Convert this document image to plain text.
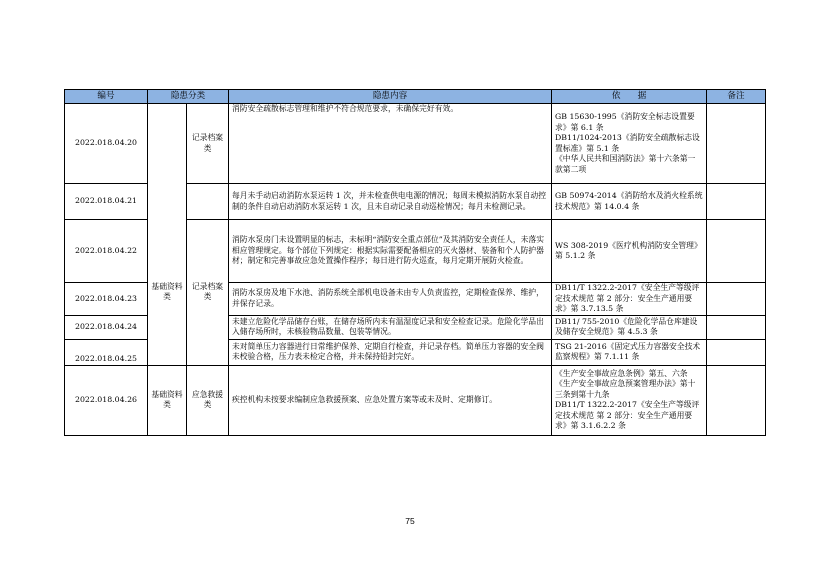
编号	隐患分类		隐患内容	依　　据	备注
2022.018.04.20		记录档案类	消防安全疏散标志管理和维护不符合规范要求，未确保完好有效。	GB 15630-1995《消防安全标志设置要求》第 6.1 条
DB11/1024-2013《消防安全疏散标志设置标准》第 5.1 条
《中华人民共和国消防法》第十六条第一款第二项	

2022.018.04.21			每月未手动启动消防水泵运转 1 次，并未检查供电电源的情况；每周未模拟消防水泵自动控制的条件自动启动消防水泵运转 1 次，且未自动记录自动巡检情况；每月未检测记录。	GB 50974-2014《消防给水及消火栓系统技术规范》第 14.0.4 条	
2022.018.04.22	基础资料类	记录档案类	消防水泵房门未设置明显的标志，未标明“消防安全重点部位”及其消防安全责任人，未落实相应管理规定。每个部位下列规定：根据实际需要配备相应的灭火器材、装备和个人防护器材；制定和完善事故应急处置操作程序；每日进行防火巡查，每月定期开展防火检查。	WS 308-2019《医疗机构消防安全管理》第 5.1.2 条	
2022.018.04.23			消防水泵房及地下水池、消防系统全部机电设备未由专人负责监控，定期检查保养、维护，并保存记录。	DB11/T 1322.2-2017《安全生产等级评定技术规范 第 2 部分：安全生产通用要求》第 3.7.13.5 条	
2022.018.04.24			未建立危险化学品储存台账，在储存场所内未有温湿度记录和安全检查记录。危险化学品出入储存场所时，未核验物品数量、包装等情况。	DB11/ 755-2010《危险化学品仓库建设及储存安全规范》第 4.5.3 条	
2022.018.04.25			未对简单压力容器进行日常维护保养、定期自行检查，并记录存档。简单压力容器的安全阀未校验合格，压力表未检定合格，并未保持铅封完好。	TSG 21-2016《固定式压力容器安全技术监察规程》第 7.1.11 条	
2022.018.04.26	基础资料类	应急救援类	疾控机构未按要求编制应急救援预案、应急处置方案等或未及时、定期修订。	《生产安全事故应急条例》第五、六条
《生产安全事故应急预案管理办法》第十三条到第十九条
DB11/T 1322.2-2017《安全生产等级评定技术规范 第 2 部分：安全生产通用要求》第 3.1.6.2.2 条	

75
